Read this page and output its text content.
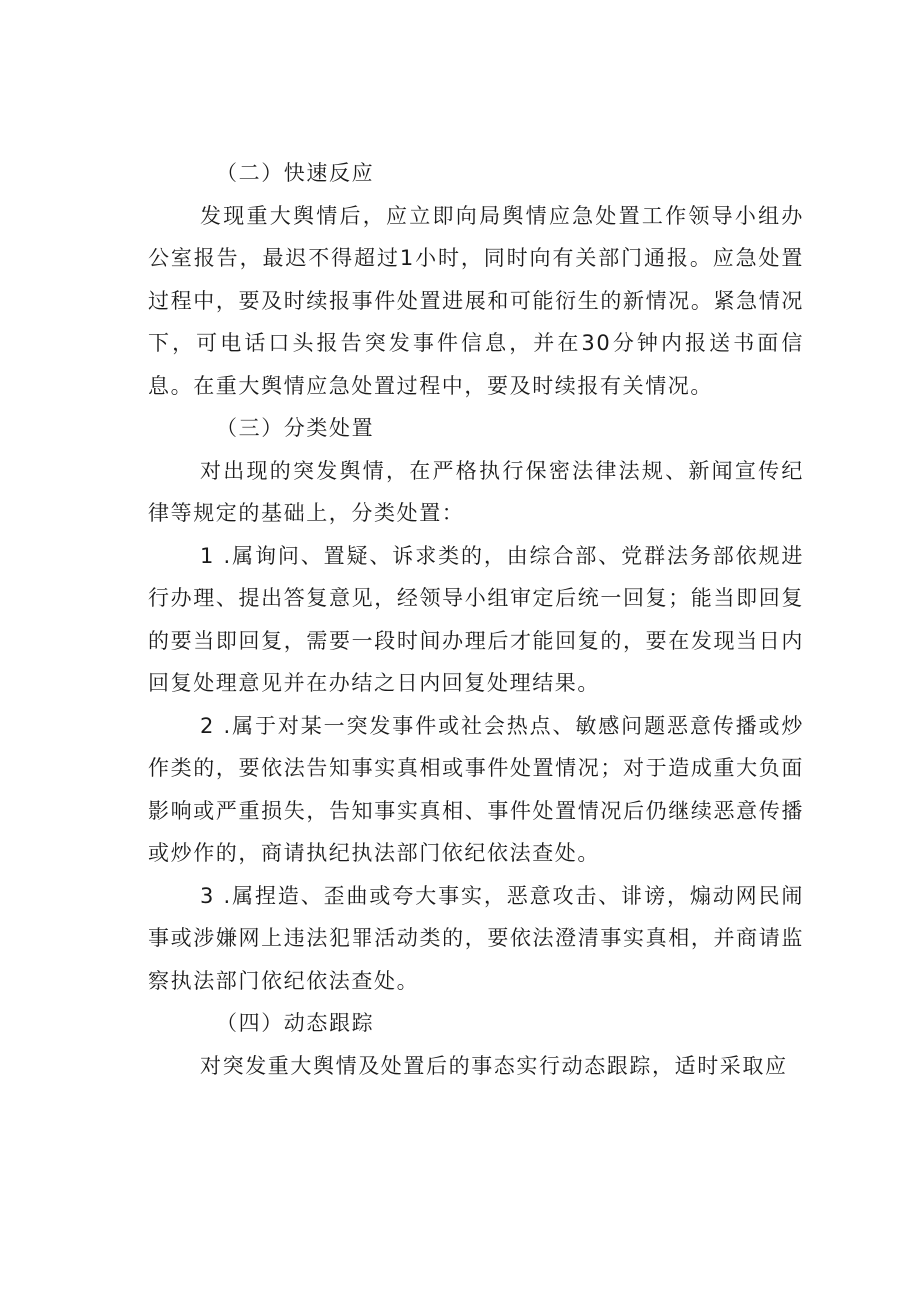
（二）快速反应

发现重大舆情后，应立即向局舆情应急处置工作领导小组办公室报告，最迟不得超过1小时，同时向有关部门通报。应急处置过程中，要及时续报事件处置进展和可能衍生的新情况。紧急情况下，可电话口头报告突发事件信息，并在30分钟内报送书面信息。在重大舆情应急处置过程中，要及时续报有关情况。

（三）分类处置

对出现的突发舆情，在严格执行保密法律法规、新闻宣传纪律等规定的基础上，分类处置：

1 .属询问、置疑、诉求类的，由综合部、党群法务部依规进行办理、提出答复意见，经领导小组审定后统一回复；能当即回复的要当即回复，需要一段时间办理后才能回复的，要在发现当日内回复处理意见并在办结之日内回复处理结果。

2 .属于对某一突发事件或社会热点、敏感问题恶意传播或炒作类的，要依法告知事实真相或事件处置情况；对于造成重大负面影响或严重损失，告知事实真相、事件处置情况后仍继续恶意传播或炒作的，商请执纪执法部门依纪依法查处。

3 .属捏造、歪曲或夸大事实，恶意攻击、诽谤，煽动网民闹事或涉嫌网上违法犯罪活动类的，要依法澄清事实真相，并商请监察执法部门依纪依法查处。

（四）动态跟踪

对突发重大舆情及处置后的事态实行动态跟踪，适时采取应
